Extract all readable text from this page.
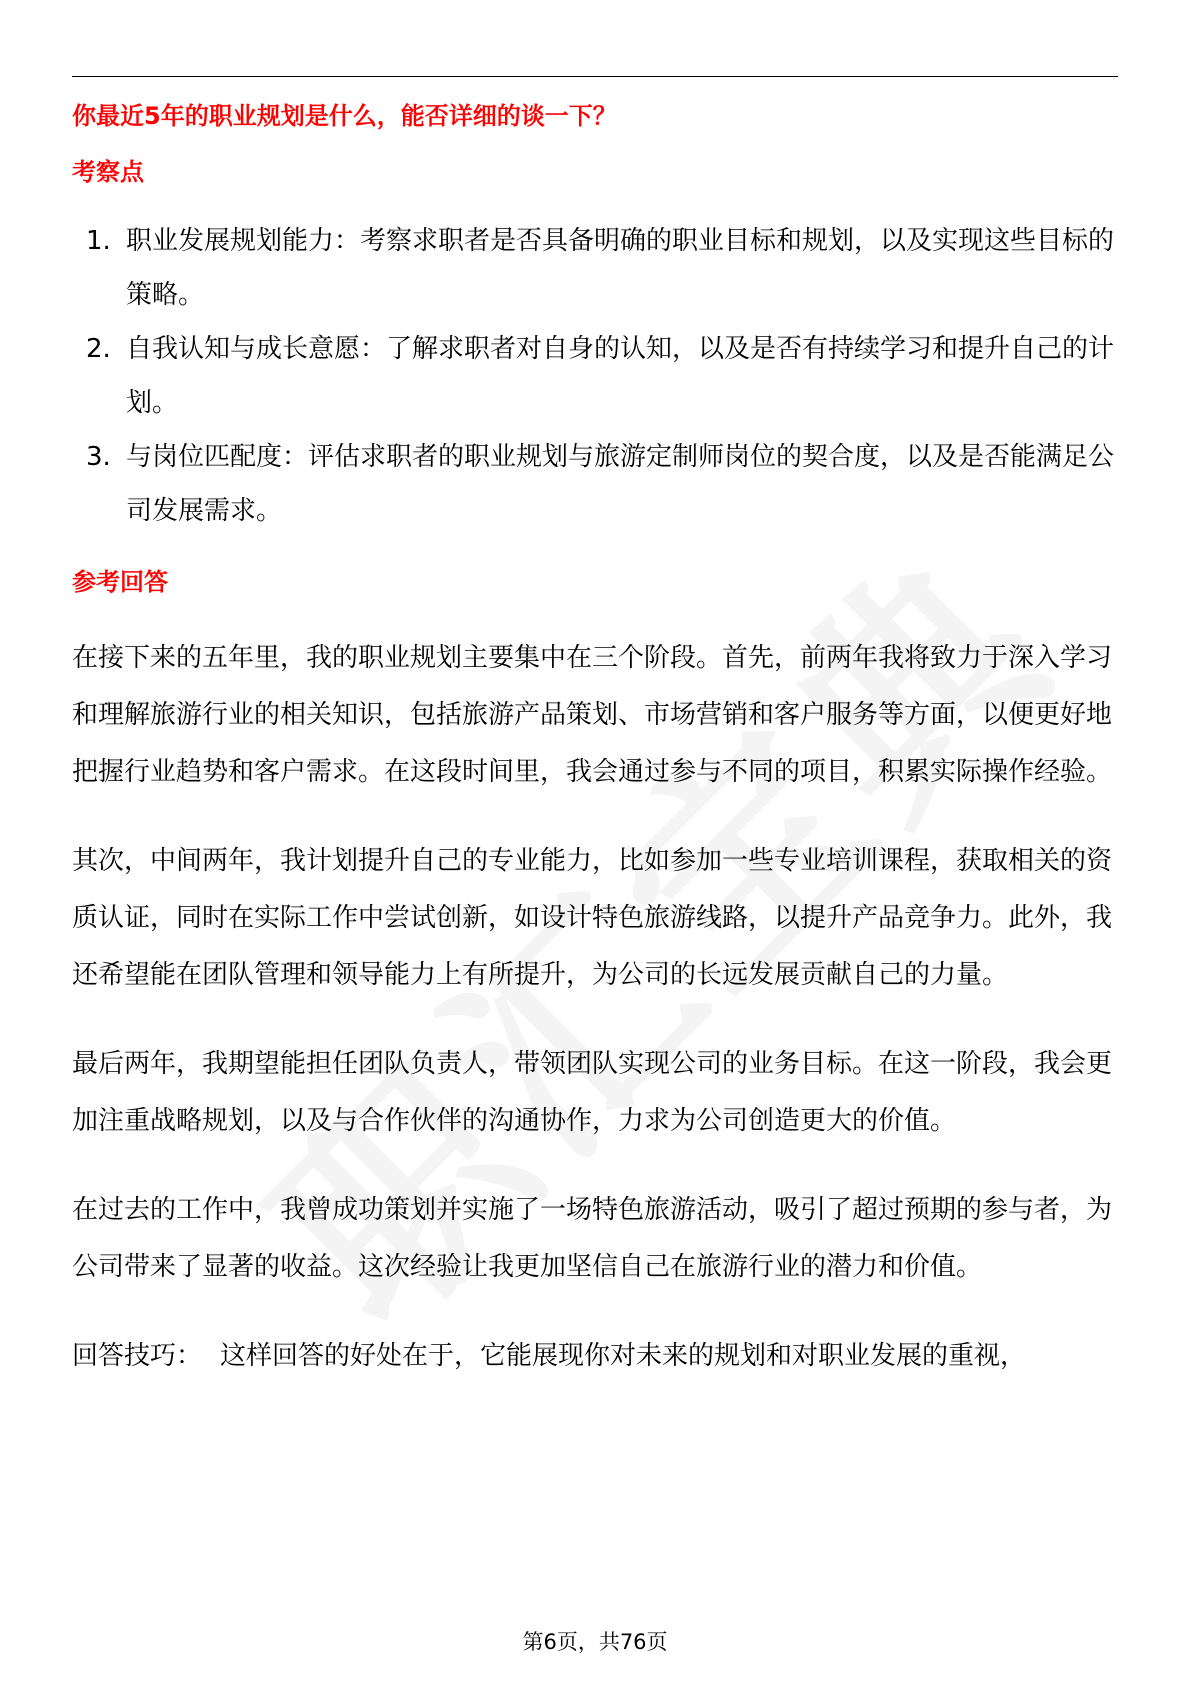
你最近5年的职业规划是什么，能否详细的谈一下？
考察点
1. 职业发展规划能力：考察求职者是否具备明确的职业目标和规划，以及实现这些目标的策略。
2. 自我认知与成长意愿：了解求职者对自身的认知，以及是否有持续学习和提升自己的计划。
3. 与岗位匹配度：评估求职者的职业规划与旅游定制师岗位的契合度，以及是否能满足公司发展需求。
参考回答

在接下来的五年里，我的职业规划主要集中在三个阶段。首先，前两年我将致力于深入学习和理解旅游行业的相关知识，包括旅游产品策划、市场营销和客户服务等方面，以便更好地把握行业趋势和客户需求。在这段时间里，我会通过参与不同的项目，积累实际操作经验。

其次，中间两年，我计划提升自己的专业能力，比如参加一些专业培训课程，获取相关的资质认证，同时在实际工作中尝试创新，如设计特色旅游线路，以提升产品竞争力。此外，我还希望能在团队管理和领导能力上有所提升，为公司的长远发展贡献自己的力量。

最后两年，我期望能担任团队负责人，带领团队实现公司的业务目标。在这一阶段，我会更加注重战略规划，以及与合作伙伴的沟通协作，力求为公司创造更大的价值。

在过去的工作中，我曾成功策划并实施了一场特色旅游活动，吸引了超过预期的参与者，为公司带来了显著的收益。这次经验让我更加坚信自己在旅游行业的潜力和价值。

回答技巧： 这样回答的好处在于，它能展现你对未来的规划和对职业发展的重视，

第6页，共76页
